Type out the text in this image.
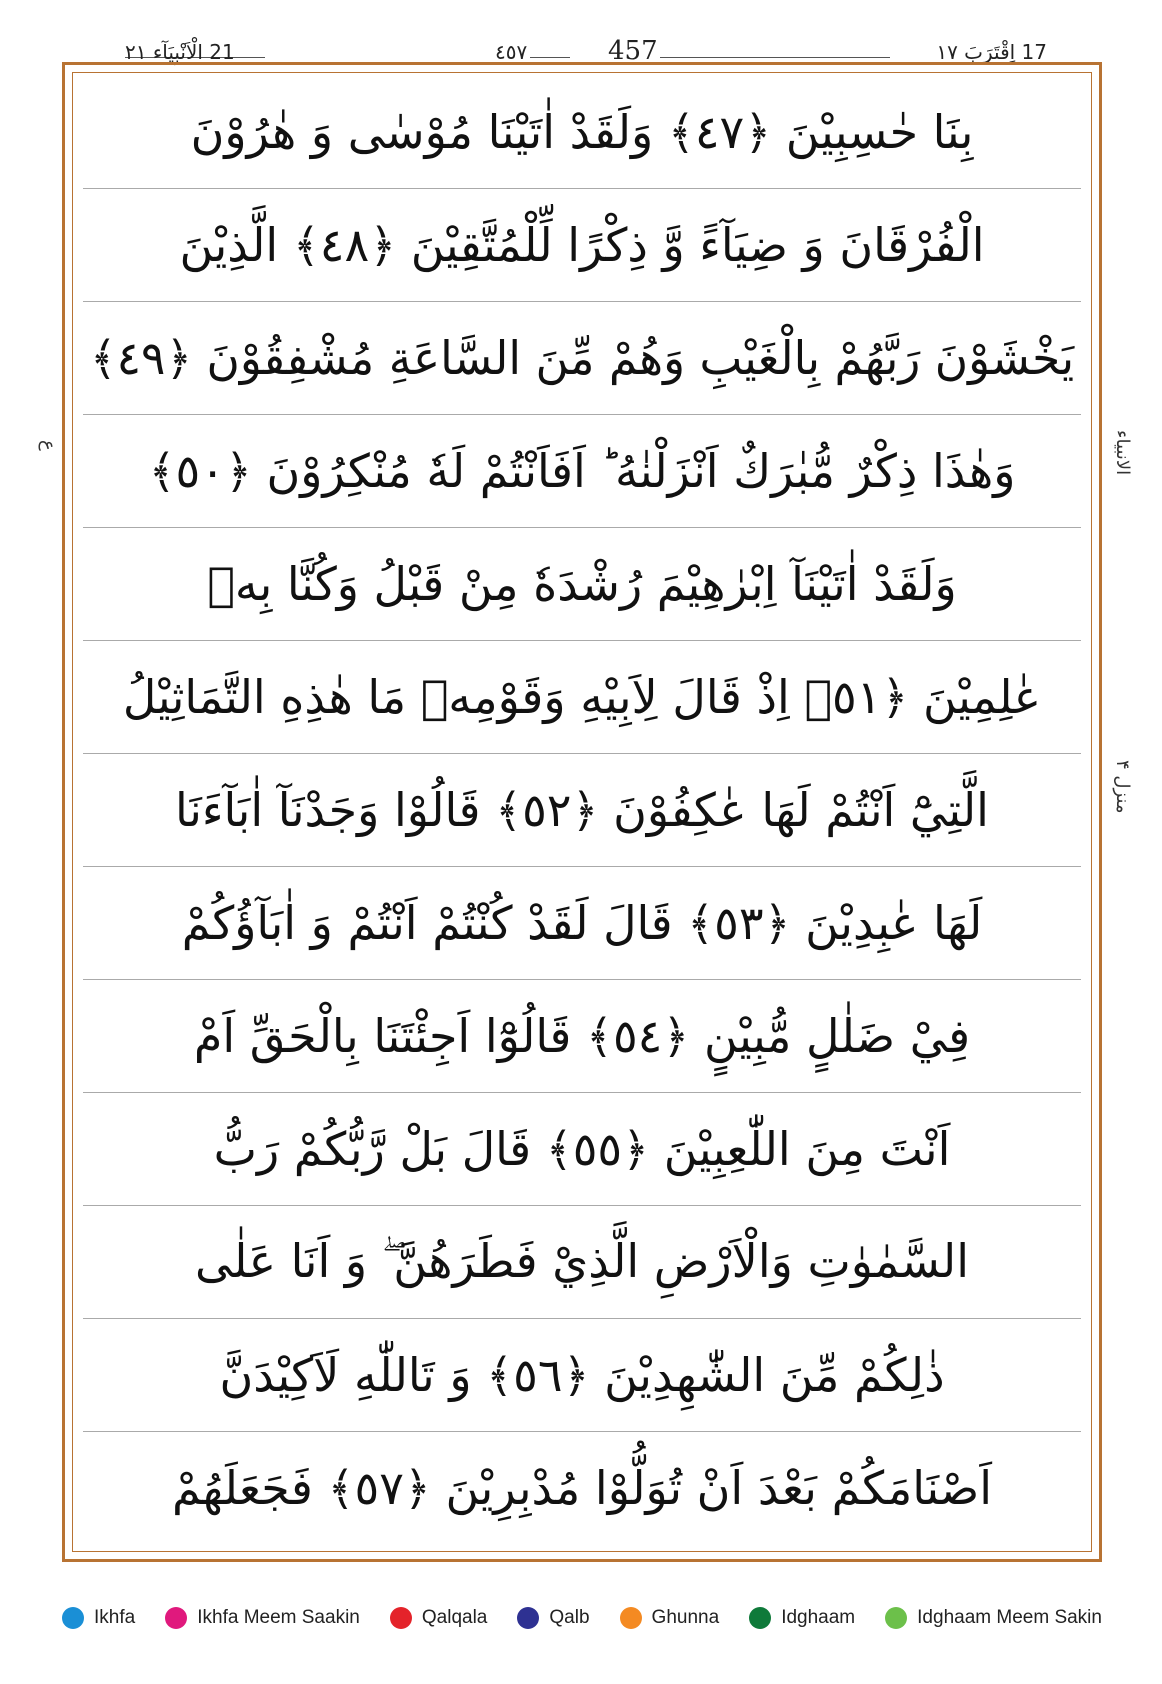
21 الْاَنْبِيَآء ٢١	٤٥٧	457	17 اِقْتَرَبَ ١٧
ع	الانبياء
منزل ۴
بِنَا حٰسِبِيْنَ ﴿٤٧﴾ وَلَقَدْ اٰتَيْنَا مُوْسٰى وَ هٰرُوْنَ
الْفُرْقَانَ وَ ضِيَآءً وَّ ذِكْرًا لِّلْمُتَّقِيْنَ ﴿٤٨﴾ الَّذِيْنَ
يَخْشَوْنَ رَبَّهُمْ بِالْغَيْبِ وَهُمْ مِّنَ السَّاعَةِ مُشْفِقُوْنَ ﴿٤٩﴾
وَهٰذَا ذِكْرٌ مُّبٰرَكٌ اَنْزَلْنٰهُ ؕ اَفَاَنْتُمْ لَهٗ مُنْكِرُوْنَ ﴿٥٠﴾
وَلَقَدْ اٰتَيْنَآ اِبْرٰهِيْمَ رُشْدَهٗ مِنْ قَبْلُ وَكُنَّا بِهٖ
عٰلِمِيْنَ ﴿٥١﴾ اِذْ قَالَ لِاَبِيْهِ وَقَوْمِهٖ مَا هٰذِهِ التَّمَاثِيْلُ
الَّتِيْٓ اَنْتُمْ لَهَا عٰكِفُوْنَ ﴿٥٢﴾ قَالُوْا وَجَدْنَآ اٰبَآءَنَا
لَهَا عٰبِدِيْنَ ﴿٥٣﴾ قَالَ لَقَدْ كُنْتُمْ اَنْتُمْ وَ اٰبَآؤُكُمْ
فِيْ ضَلٰلٍ مُّبِيْنٍ ﴿٥٤﴾ قَالُوْٓا اَجِئْتَنَا بِالْحَقِّ اَمْ
اَنْتَ مِنَ اللّٰعِبِيْنَ ﴿٥٥﴾ قَالَ بَلْ رَّبُّكُمْ رَبُّ
السَّمٰوٰتِ وَالْاَرْضِ الَّذِيْ فَطَرَهُنَّ ۖ وَ اَنَا عَلٰى
ذٰلِكُمْ مِّنَ الشّٰهِدِيْنَ ﴿٥٦﴾ وَ تَاللّٰهِ لَاَكِيْدَنَّ
اَصْنَامَكُمْ بَعْدَ اَنْ تُوَلُّوْا مُدْبِرِيْنَ ﴿٥٧﴾ فَجَعَلَهُمْ
Ikhfa	Ikhfa Meem Saakin	Qalqala	Qalb	Ghunna	Idghaam	Idghaam Meem Sakin
